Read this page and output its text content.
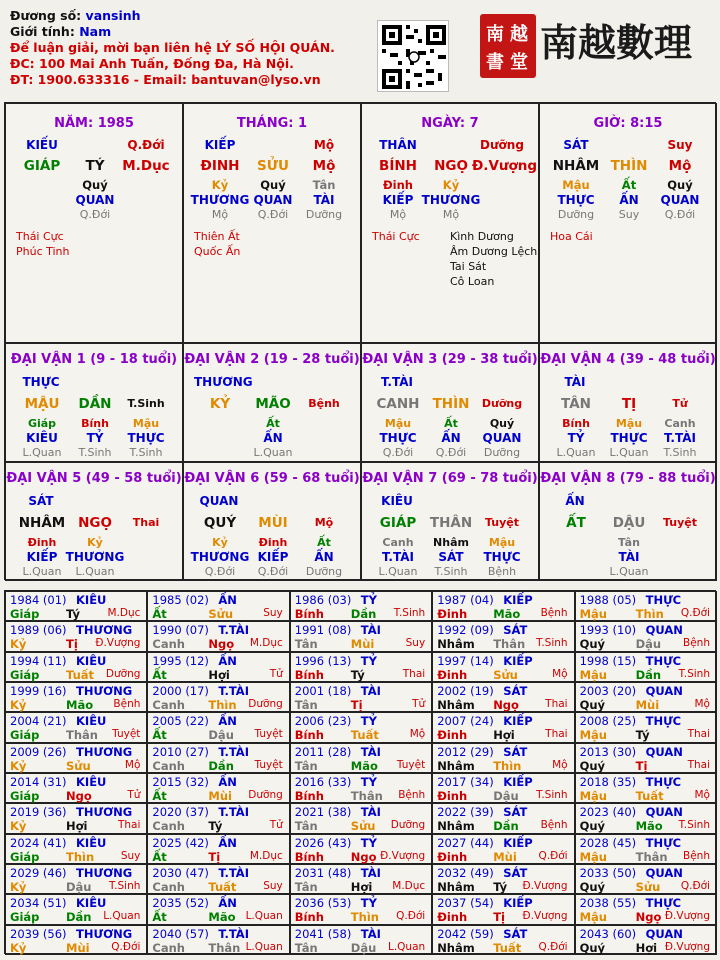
Đương số: vansinh
Giới tính: Nam
Để luận giải, mời bạn liên hệ LÝ SỐ HỘI QUÁN.
ĐC: 100 Mai Anh Tuấn, Đống Đa, Hà Nội.
ĐT: 1900.633316 - Email: bantuvan@lyso.vn
南 越
書 堂 南越數理
NĂM: 1985
KIẾU	Q.Đới
GIÁP	TÝ	M.Dục
Quý
QUAN
Q.Đới
Thái Cực
Phúc Tinh
THÁNG: 1
KIẾP	Mộ
ĐINH	SỬU	Mộ
Kỷ	Quý	Tân
THƯƠNG QUAN	TÀI
Mộ	Q.Đới	Dưỡng
Thiên Ất
Quốc Ấn
NGÀY: 7
THÂN	Dưỡng
BÍNH	NGỌ Đ.Vượng
Đinh	Kỷ
KIẾP THƯƠNG
Mộ	Mộ
Thái Cực	Kình Dương
Âm Dương Lệch
Tai Sát
Cô Loan
GIỜ: 8:15
SÁT	Suy
NHÂM THÌN	Mộ
Mậu	Ất	Quý
THỰC	ẤN	QUAN
Dưỡng	Suy	Q.Đới
Hoa Cái
ĐẠI VẬN 1 (9 - 18 tuổi)
THỰC
MẬU	DẦN	T.Sinh
Giáp	Bính	Mậu
KIÊU	TỶ	THỰC
L.Quan	T.Sinh	T.Sinh
ĐẠI VẬN 2 (19 - 28 tuổi)
THƯƠNG
KỶ	MÃO	Bệnh
Ất
ẤN
L.Quan
ĐẠI VẬN 3 (29 - 38 tuổi)
T.TÀI
CANH THÌN	Dưỡng
Mậu	Ất	Quý
THỰC	ẤN	QUAN
Q.Đới	Q.Đới	Dưỡng
ĐẠI VẬN 4 (39 - 48 tuổi)
TÀI
TÂN	TỊ	Tử
Bính	Mậu	Canh
TỶ	THỰC	T.TÀI
L.Quan	L.Quan	T.Sinh
ĐẠI VẬN 5 (49 - 58 tuổi)
SÁT
NHÂM NGỌ	Thai
Đinh	Kỷ
KIẾP THƯƠNG
L.Quan	L.Quan
ĐẠI VẬN 6 (59 - 68 tuổi)
QUAN
QUÝ	MÙI	Mộ
Kỷ	Đinh	Ất
THƯƠNG KIẾP	ẤN
Q.Đới	Q.Đới	Dưỡng
ĐẠI VẬN 7 (69 - 78 tuổi)
KIÊU
GIÁP	THÂN	Tuyệt
Canh	Nhâm	Mậu
T.TÀI	SÁT	THỰC
L.Quan	T.Sinh	Bệnh
ĐẠI VẬN 8 (79 - 88 tuổi)
ẤN
ẤT	DẬU	Tuyệt
Tân
TÀI
L.Quan
1984 (01) KIÊU
Giáp Tý	M.Dục
1985 (02) ẤN
Ất	Sửu	Suy
1986 (03) TỶ
Bính Dần T.Sinh
1987 (04) KIẾP
Đinh Mão Bệnh
1988 (05) THỰC
Mậu Thìn Q.Đới
1989 (06) THƯƠNG
Kỷ	Tị Đ.Vượng
1990 (07) T.TÀI
Canh Ngọ M.Dục
1991 (08) TÀI
Tân	Mùi	Suy
1992 (09) SÁT
Nhâm Thân T.Sinh
1993 (10) QUAN
Quý	Dậu Bệnh
1994 (11) KIÊU
Giáp Tuất Dưỡng
1995 (12) ẤN
Ất	Hợi	Tử
1996 (13) TỶ
Bính Tý	Thai
1997 (14) KIẾP
Đinh Sửu	Mộ
1998 (15) THỰC
Mậu Dần T.Sinh
1999 (16) THƯƠNG
Kỷ	Mão Bệnh
2000 (17) T.TÀI
Canh Thìn Dưỡng
2001 (18) TÀI
Tân	Tị	Tử
2002 (19) SÁT
Nhâm Ngọ Thai
2003 (20) QUAN
Quý	Mùi	Mộ
2004 (21) KIÊU
Giáp Thân Tuyệt
2005 (22) ẤN
Ất	Dậu Tuyệt
2006 (23) TỶ
Bính Tuất	Mộ
2007 (24) KIẾP
Đinh Hợi	Thai
2008 (25) THỰC
Mậu Tý	Thai
2009 (26) THƯƠNG
Kỷ	Sửu	Mộ
2010 (27) T.TÀI
Canh Dần Tuyệt
2011 (28) TÀI
Tân	Mão Tuyệt
2012 (29) SÁT
Nhâm Thìn	Mộ
2013 (30) QUAN
Quý	Tị	Thai
2014 (31) KIÊU
Giáp Ngọ	Tử
2015 (32) ẤN
Ất	Mùi Dưỡng
2016 (33) TỶ
Bính Thân Bệnh
2017 (34) KIẾP
Đinh Dậu T.Sinh
2018 (35) THỰC
Mậu Tuất	Mộ
2019 (36) THƯƠNG
Kỷ	Hợi	Thai
2020 (37) T.TÀI
Canh Tý	Tử
2021 (38) TÀI
Tân	Sửu Dưỡng
2022 (39) SÁT
Nhâm Dần Bệnh
2023 (40) QUAN
Quý	Mão T.Sinh
2024 (41) KIÊU
Giáp Thìn	Suy
2025 (42) ẤN
Ất	Tị	M.Dục
2026 (43) TỶ
Bính Ngọ Đ.Vượng
2027 (44) KIẾP
Đinh Mùi Q.Đới
2028 (45) THỰC
Mậu Thân Bệnh
2029 (46) THƯƠNG
Kỷ	Dậu T.Sinh
2030 (47) T.TÀI
Canh Tuất	Suy
2031 (48) TÀI
Tân	Hợi M.Dục
2032 (49) SÁT
Nhâm Tý Đ.Vượng
2033 (50) QUAN
Quý	Sửu Q.Đới
2034 (51) KIÊU
Giáp Dần L.Quan
2035 (52) ẤN
Ất	Mão L.Quan
2036 (53) TỶ
Bính Thìn Q.Đới
2037 (54) KIẾP
Đinh Tị Đ.Vượng
2038 (55) THỰC
Mậu Ngọ Đ.Vượng
2039 (56) THƯƠNG
Kỷ	Mùi Q.Đới
2040 (57) T.TÀI
Canh Thân L.Quan
2041 (58) TÀI
Tân	Dậu L.Quan
2042 (59) SÁT
Nhâm Tuất Q.Đới
2043 (60) QUAN
Quý	Hợi Đ.Vượng
